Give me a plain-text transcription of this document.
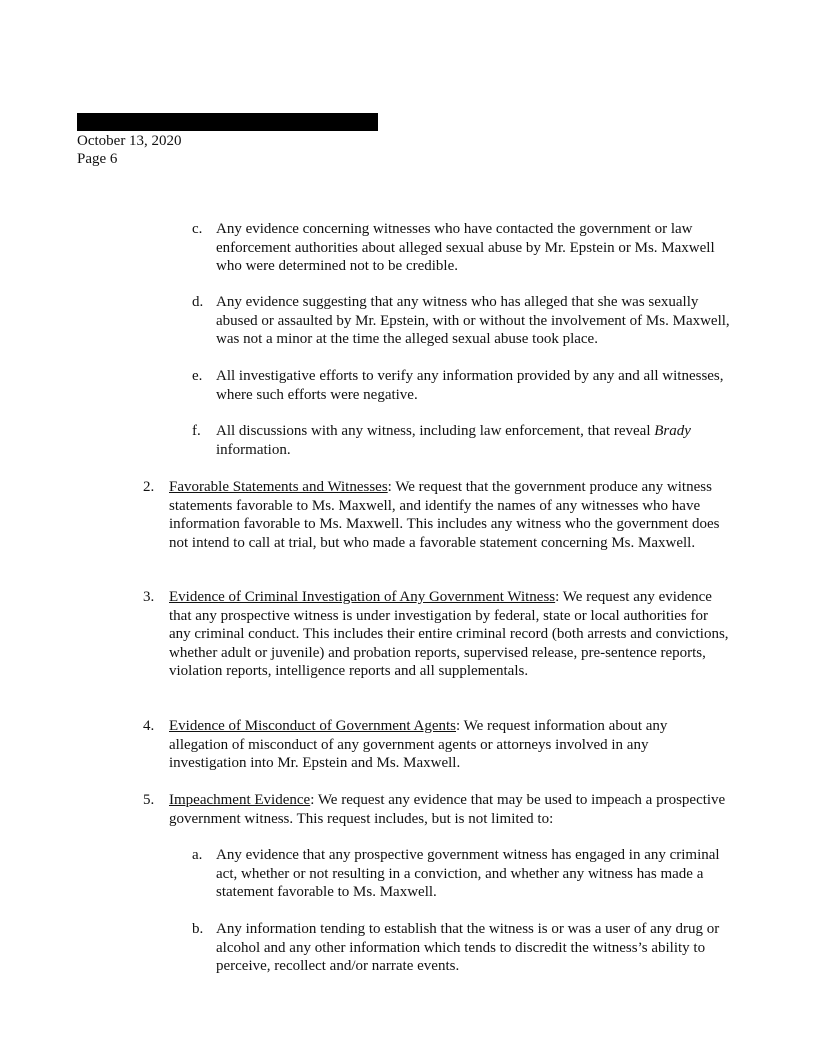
October 13, 2020
Page 6
c. Any evidence concerning witnesses who have contacted the government or law enforcement authorities about alleged sexual abuse by Mr. Epstein or Ms. Maxwell who were determined not to be credible.

d. Any evidence suggesting that any witness who has alleged that she was sexually abused or assaulted by Mr. Epstein, with or without the involvement of Ms. Maxwell, was not a minor at the time the alleged sexual abuse took place.

e. All investigative efforts to verify any information provided by any and all witnesses, where such efforts were negative.

f. All discussions with any witness, including law enforcement, that reveal Brady information.

2. Favorable Statements and Witnesses: We request that the government produce any witness statements favorable to Ms. Maxwell, and identify the names of any witnesses who have information favorable to Ms. Maxwell. This includes any witness who the government does not intend to call at trial, but who made a favorable statement concerning Ms. Maxwell.

3. Evidence of Criminal Investigation of Any Government Witness: We request any evidence that any prospective witness is under investigation by federal, state or local authorities for any criminal conduct. This includes their entire criminal record (both arrests and convictions, whether adult or juvenile) and probation reports, supervised release, pre-sentence reports, violation reports, intelligence reports and all supplementals.

4. Evidence of Misconduct of Government Agents: We request information about any allegation of misconduct of any government agents or attorneys involved in any investigation into Mr. Epstein and Ms. Maxwell.

5. Impeachment Evidence: We request any evidence that may be used to impeach a prospective government witness. This request includes, but is not limited to:

a. Any evidence that any prospective government witness has engaged in any criminal act, whether or not resulting in a conviction, and whether any witness has made a statement favorable to Ms. Maxwell.

b. Any information tending to establish that the witness is or was a user of any drug or alcohol and any other information which tends to discredit the witness’s ability to perceive, recollect and/or narrate events.
